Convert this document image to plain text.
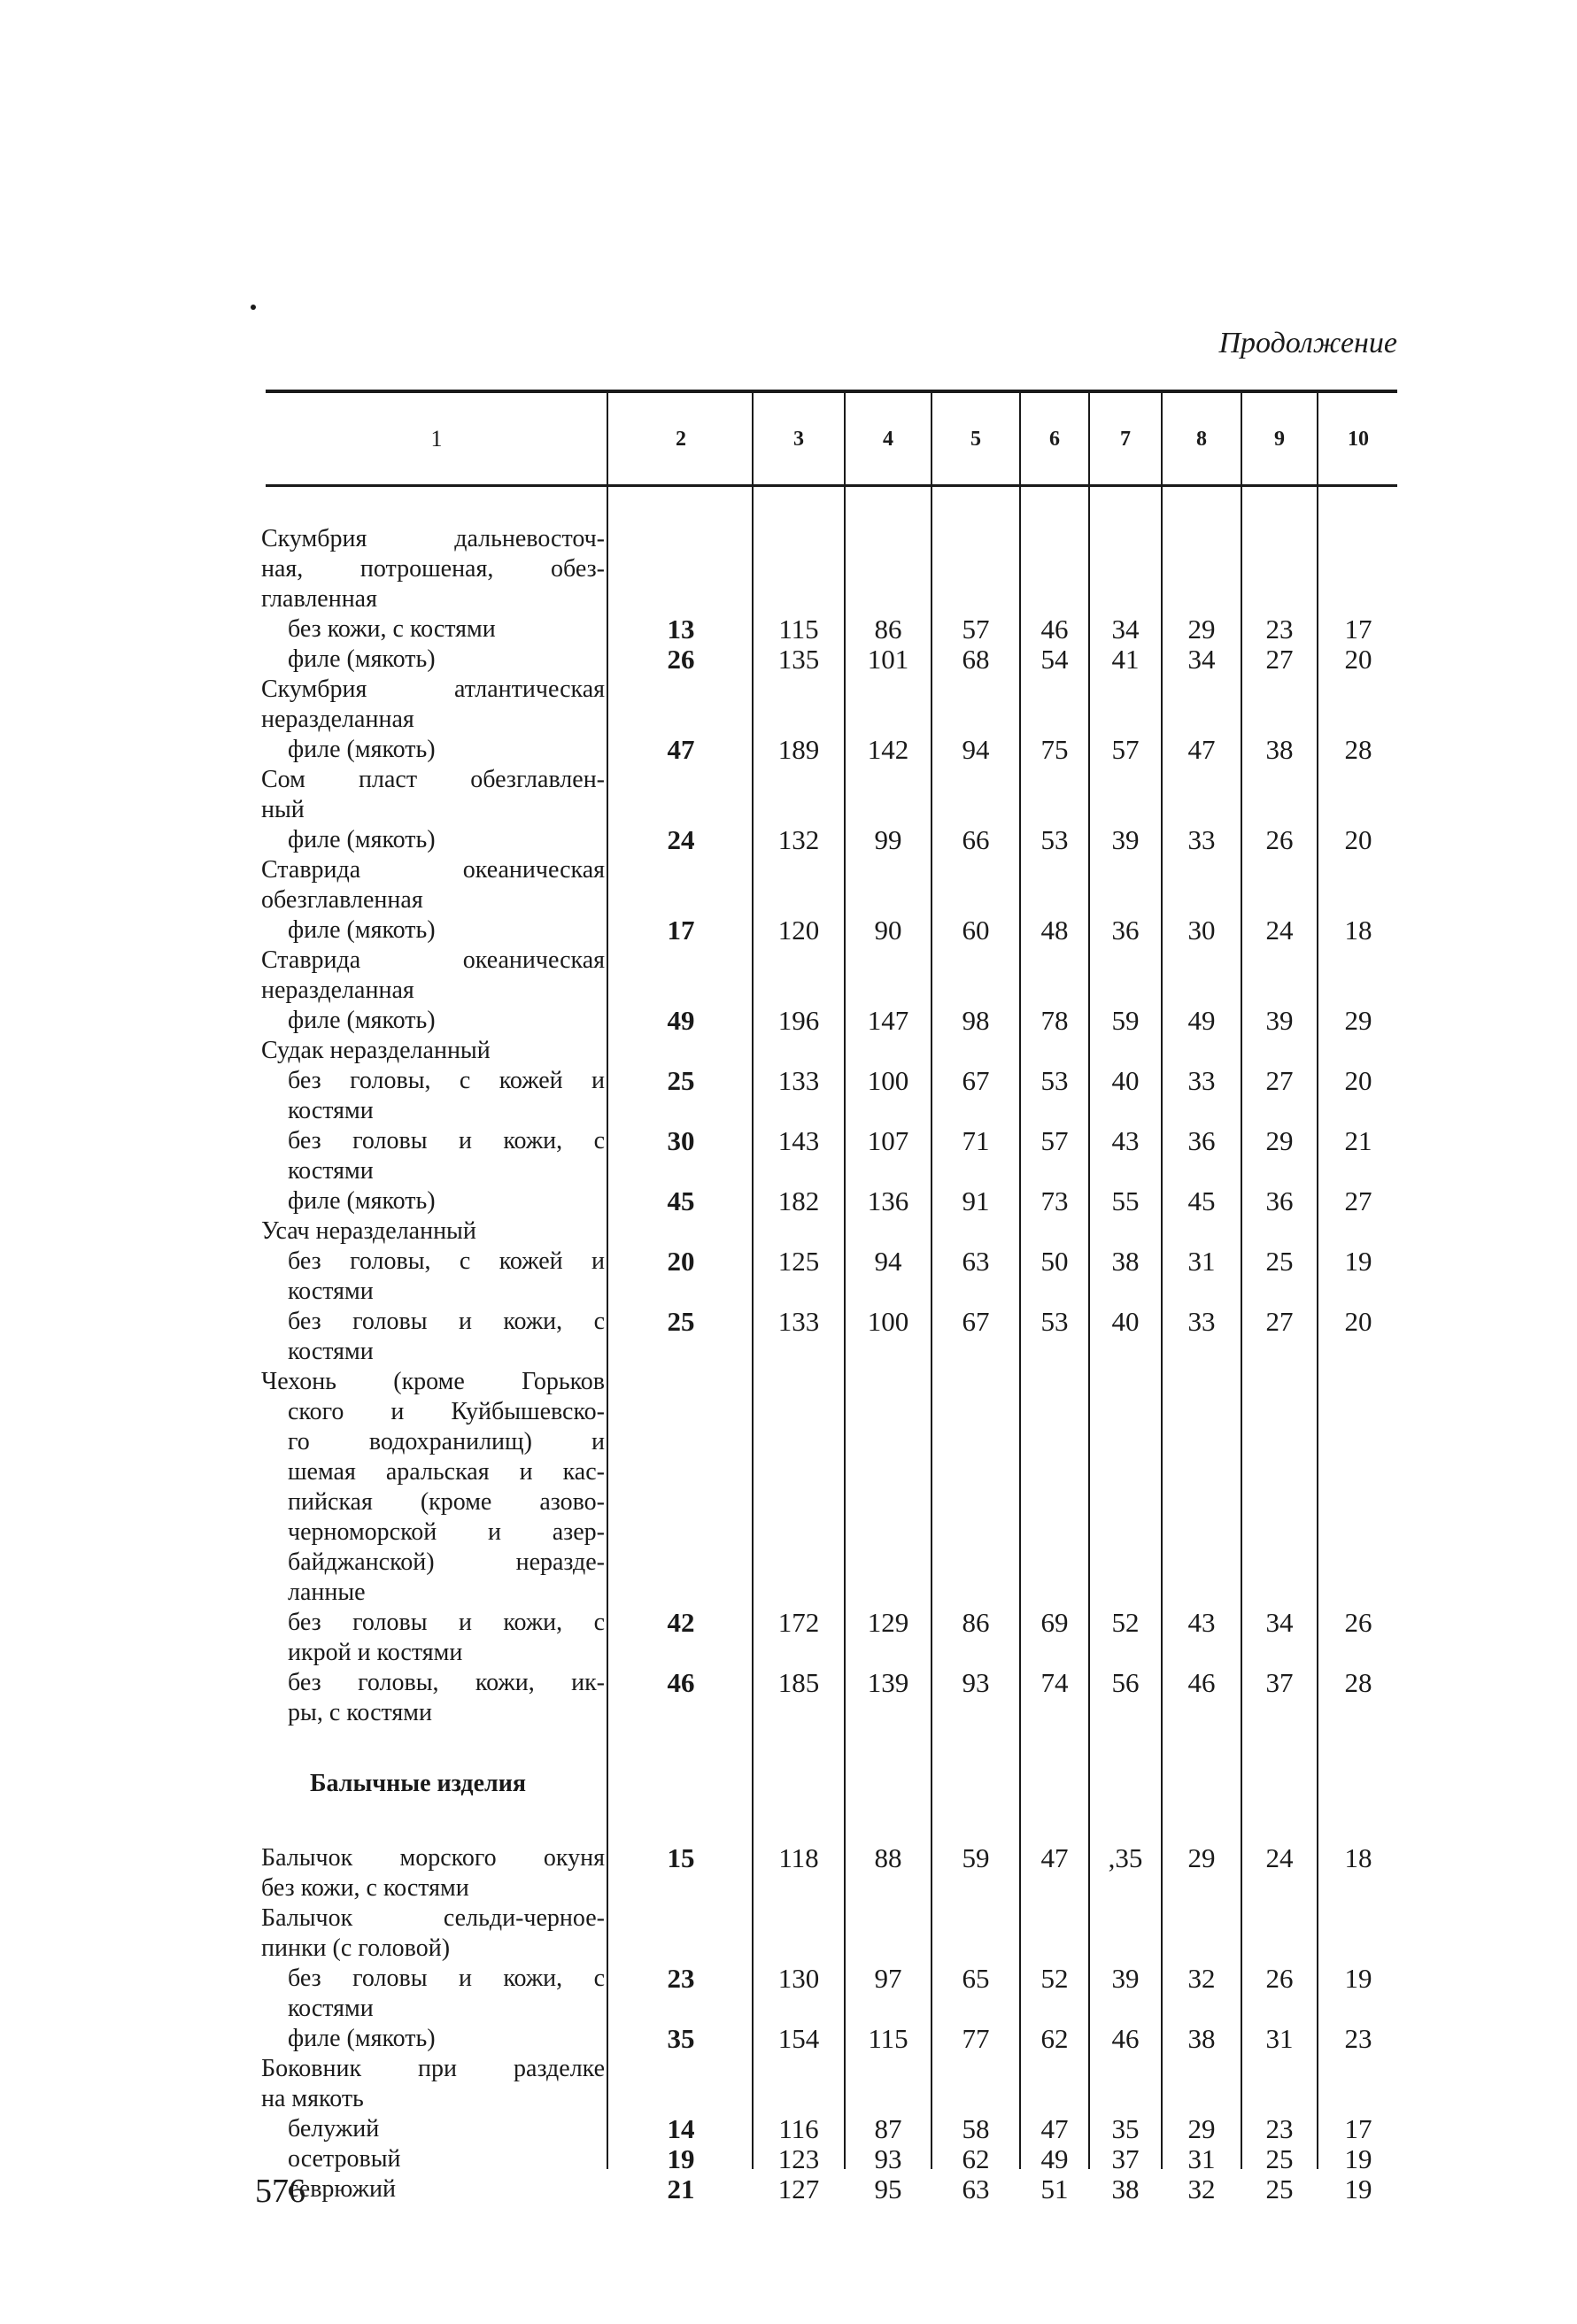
Продолжение
1	2	3	4	5	6	7	8	9	10
Скумбрия дальневосточ-
ная, потрошеная, обез-
главленная
без кожи, с костями	13	115	86	57	46	34	29	23	17
филе (мякоть)	26	135	101	68	54	41	34	27	20
Скумбрия атлантическая
неразделанная
филе (мякоть)	47	189	142	94	75	57	47	38	28
Сом пласт обезглавлен-
ный
филе (мякоть)	24	132	99	66	53	39	33	26	20
Ставрида океаническая
обезглавленная
филе (мякоть)	17	120	90	60	48	36	30	24	18
Ставрида океаническая
неразделанная
филе (мякоть)	49	196	147	98	78	59	49	39	29
Судак неразделанный
без головы, с кожей и
костями
25	133	100	67	53	40	33	27	20
без головы и кожи, с
костями
30	143	107	71	57	43	36	29	21
филе (мякоть)	45	182	136	91	73	55	45	36	27
Усач неразделанный
без головы, с кожей и
костями
20	125	94	63	50	38	31	25	19
без головы и кожи, с
костями
25	133	100	67	53	40	33	27	20
Чехонь (кроме Горьков
ского и Куйбышевско-
го водохранилищ) и
шемая аральская и кас-
пийская (кроме азово-
черноморской и азер-
байджанской) нераздe-
ланные
без головы и кожи, с
икрой и костями
42	172	129	86	69	52	43	34	26
без головы, кожи, ик-
ры, с костями
46	185	139	93	74	56	46	37	28
Балычные изделия
Балычок морского окуня
без кожи, с костями
15	118	88	59	47	,35	29	24	18
Балычок сельди-черное-
пинки (с головой)
без головы и кожи, с
костями
23	130	97	65	52	39	32	26	19
филе (мякоть)	35	154	115	77	62	46	38	31	23
Боковник при разделке
на мякоть
белужий	14	116	87	58	47	35	29	23	17
осетровый	19	123	93	62	49	37	31	25	19
севрюжий	21	127	95	63	51	38	32	25	19
576
